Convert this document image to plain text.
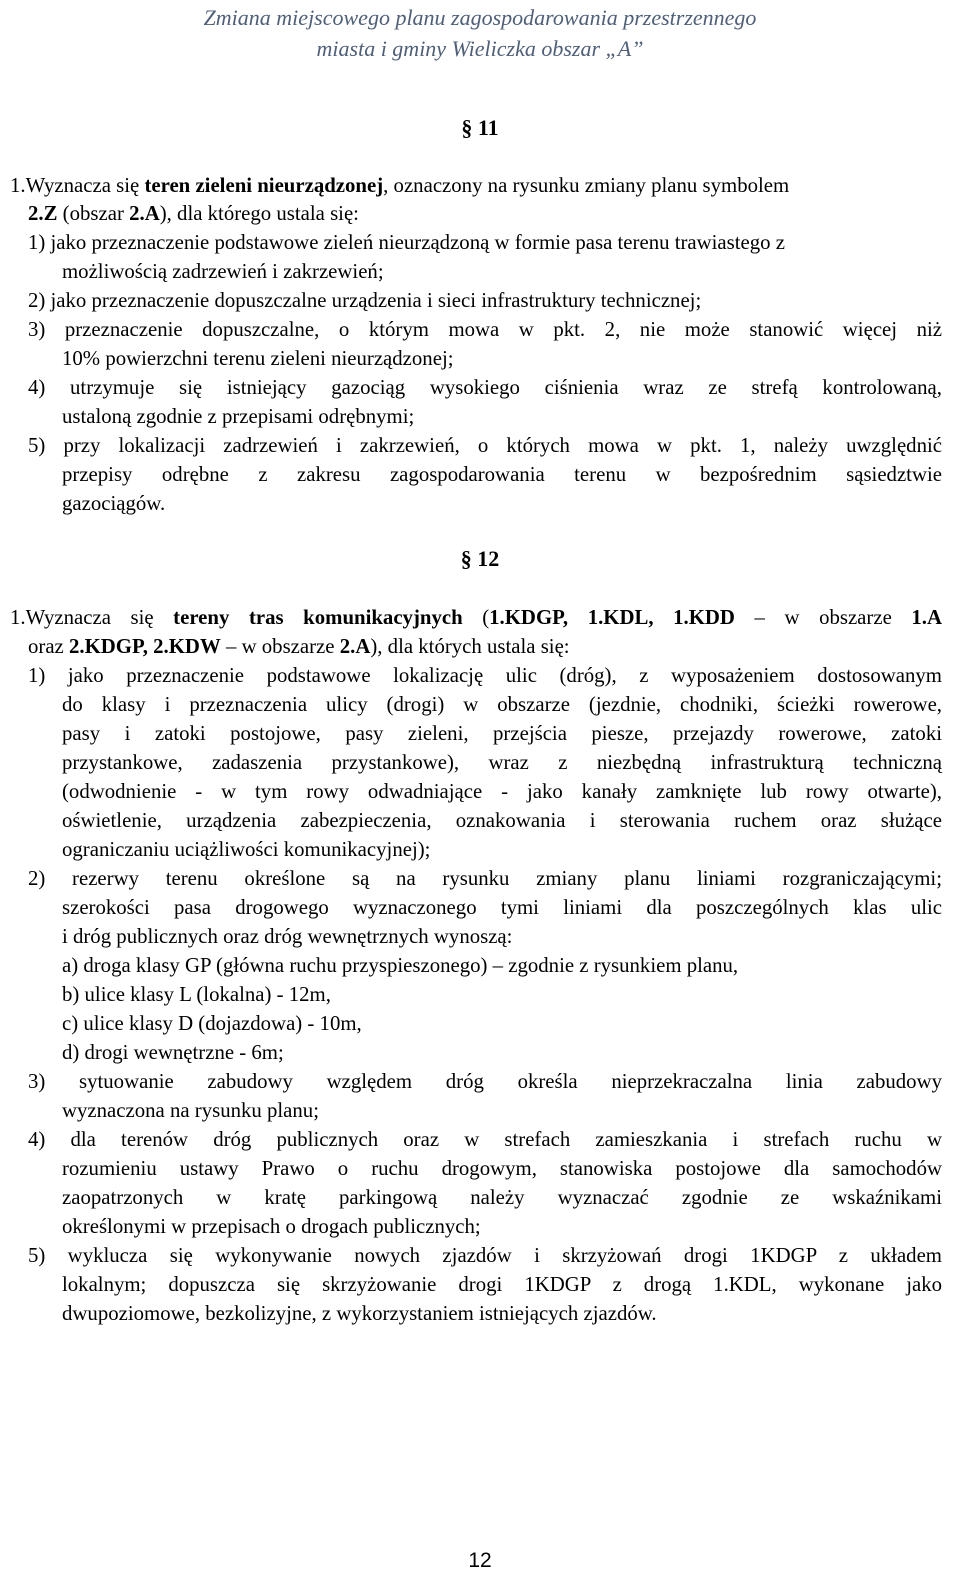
Zmiana miejscowego planu zagospodarowania przestrzennego
miasta i gminy Wieliczka obszar „A”
§ 11
1.Wyznacza się teren zieleni nieurządzonej, oznaczony na rysunku zmiany planu symbolem
2.Z (obszar 2.A), dla którego ustala się:
1) jako przeznaczenie podstawowe zieleń nieurządzoną w formie pasa terenu trawiastego z
możliwością zadrzewień i zakrzewień;
2) jako przeznaczenie dopuszczalne urządzenia i sieci infrastruktury technicznej;
3) przeznaczenie dopuszczalne, o którym mowa w pkt. 2, nie może stanowić więcej niż
10% powierzchni terenu zieleni nieurządzonej;
4) utrzymuje się istniejący gazociąg wysokiego ciśnienia wraz ze strefą kontrolowaną,
ustaloną zgodnie z przepisami odrębnymi;
5) przy lokalizacji zadrzewień i zakrzewień, o których mowa w pkt. 1, należy uwzględnić
przepisy odrębne z zakresu zagospodarowania terenu w bezpośrednim sąsiedztwie
gazociągów.
§ 12
1.Wyznacza się tereny tras komunikacyjnych (1.KDGP, 1.KDL, 1.KDD – w obszarze 1.A
oraz 2.KDGP, 2.KDW – w obszarze 2.A), dla których ustala się:
1) jako przeznaczenie podstawowe lokalizację ulic (dróg), z wyposażeniem dostosowanym
do klasy i przeznaczenia ulicy (drogi) w obszarze (jezdnie, chodniki, ścieżki rowerowe,
pasy i zatoki postojowe, pasy zieleni, przejścia piesze, przejazdy rowerowe, zatoki
przystankowe, zadaszenia przystankowe), wraz z niezbędną infrastrukturą techniczną
(odwodnienie - w tym rowy odwadniające - jako kanały zamknięte lub rowy otwarte),
oświetlenie, urządzenia zabezpieczenia, oznakowania i sterowania ruchem oraz służące
ograniczaniu uciążliwości komunikacyjnej);
2) rezerwy terenu określone są na rysunku zmiany planu liniami rozgraniczającymi;
szerokości pasa drogowego wyznaczonego tymi liniami dla poszczególnych klas ulic
i dróg publicznych oraz dróg wewnętrznych wynoszą:
a) droga klasy GP (główna ruchu przyspieszonego) – zgodnie z rysunkiem planu,
b) ulice klasy L (lokalna) - 12m,
c) ulice klasy D (dojazdowa) - 10m,
d) drogi wewnętrzne - 6m;
3) sytuowanie zabudowy względem dróg określa nieprzekraczalna linia zabudowy
wyznaczona na rysunku planu;
4) dla terenów dróg publicznych oraz w strefach zamieszkania i strefach ruchu w
rozumieniu ustawy Prawo o ruchu drogowym, stanowiska postojowe dla samochodów
zaopatrzonych w kratę parkingową należy wyznaczać zgodnie ze wskaźnikami
określonymi w przepisach o drogach publicznych;
5) wyklucza się wykonywanie nowych zjazdów i skrzyżowań drogi 1KDGP z układem
lokalnym; dopuszcza się skrzyżowanie drogi 1KDGP z drogą 1.KDL, wykonane jako
dwupoziomowe, bezkolizyjne, z wykorzystaniem istniejących zjazdów.
12
